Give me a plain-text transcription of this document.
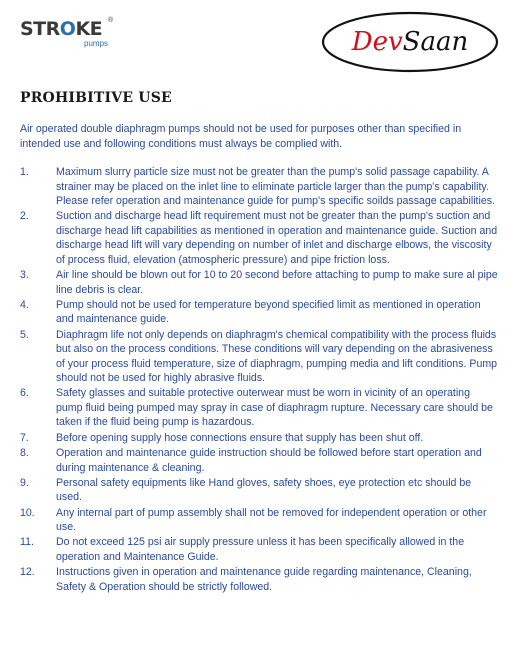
STROKE ®
pumps	DevSaan
PROHIBITIVE USE
Air operated double diaphragm pumps should not be used for purposes other than specified in intended use and following conditions must always be complied with.
1.	Maximum slurry particle size must not be greater than the pump's solid passage capability. A strainer may be placed on the inlet line to eliminate particle larger than the pump's capability. Please refer operation and maintenance guide for pump's specific soilds passage capabilities.
2.	Suction and discharge head lift requirement must not be greater than the pump's suction and discharge head lift capabilities as mentioned in operation and maintenance guide. Suction and discharge head lift will vary depending on number of inlet and discharge elbows, the viscosity of process fluid, elevation (atmospheric pressure) and pipe friction loss.
3.	Air line should be blown out for 10 to 20 second before attaching to pump to make sure al pipe line debris is clear.
4.	Pump should not be used for temperature beyond specified limit as mentioned in operation and maintenance guide.
5.	Diaphragm life not only depends on diaphragm's chemical compatibility with the process fluids but also on the process conditions. These conditions will vary depending on the abrasiveness of your process fluid temperature, size of diaphragm, pumping media and lift conditions. Pump should not be used for highly abrasive fluids.
6.	Safety glasses and suitable protective outerwear must be worn in vicinity of an operating pump fluid being pumped may spray in case of diaphragm rupture. Necessary care should be taken if the fluid being pump is hazardous.
7.	Before opening supply hose connections ensure that supply has been shut off.
8.	Operation and maintenance guide instruction should be followed before start operation and during maintenance & cleaning.
9.	Personal safety equipments like Hand gloves, safety shoes, eye protection etc should be used.
10.	Any internal part of pump assembly shall not be removed for independent operation or other use.
11.	Do not exceed 125 psi air supply pressure unless it has been specifically allowed in the operation and Maintenance Guide.
12.	Instructions given in operation and maintenance guide regarding maintenance, Cleaning, Safety & Operation should be strictly followed.
